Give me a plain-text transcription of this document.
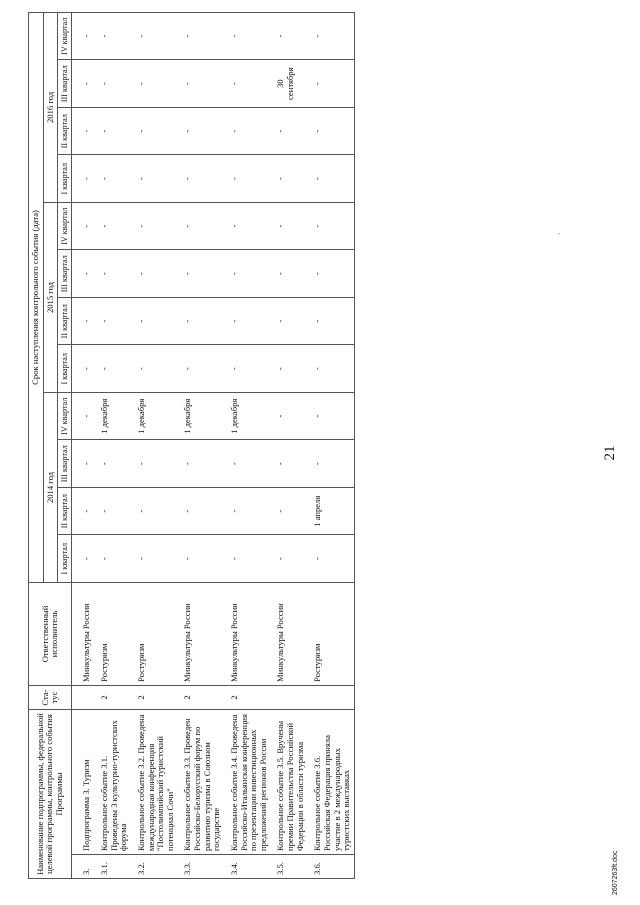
·
21
Наименование подпрограммы, федеральной целевой программы, контрольного события Программы		Ста-тус	Ответственный исполнитель	Срок наступления контрольного события (дата)											
				2014 год				2015 год				2016 год			
				I квартал	II квартал	III квартал	IV квартал	I квартал	II квартал	III квартал	IV квартал	I квартал	II квартал	III квартал	IV квартал
3.	Подпрограмма 3. Туризм		Минкультуры России	-	-	-	-	-	-	-	-	-	-	-	-
3.1.	Контрольное событие 3.1. Проведены 3 культурно-туристских форума	2	Ростуризм	-	-	-	1 декабря	-	-	-	-	-	-	-	-
3.2.	Контрольное событие 3.2. Проведена международная конференция "Постолимпийский туристский потенциал Сочи"	2	Ростуризм	-	-	-	1 декабря	-	-	-	-	-	-	-	-
3.3.	Контрольное событие 3.3. Проведен Российско-Белорусский форум по развитию туризма в Союзном государстве	2	Минкультуры России	-	-	-	1 декабря	-	-	-	-	-	-	-	-
3.4.	Контрольное событие 3.4. Проведена Российско-Итальянская конференция по презентации инвестиционных предложений регионов России	2	Минкультуры России	-	-	-	1 декабря	-	-	-	-	-	-	-	-
3.5.	Контрольное событие 3.5. Вручены премии Правительства Российской Федерации в области туризма		Минкультуры России	-	-	-	-	-	-	-	-	-	-	30 сентября	-
3.6.	Контрольное событие 3.6. Российская Федерация приняла участие в 2 международных туристских выставках		Ростуризм	-	1 апреля	-	-	-	-	-	-	-	-	-	-
2607263ft.doc
